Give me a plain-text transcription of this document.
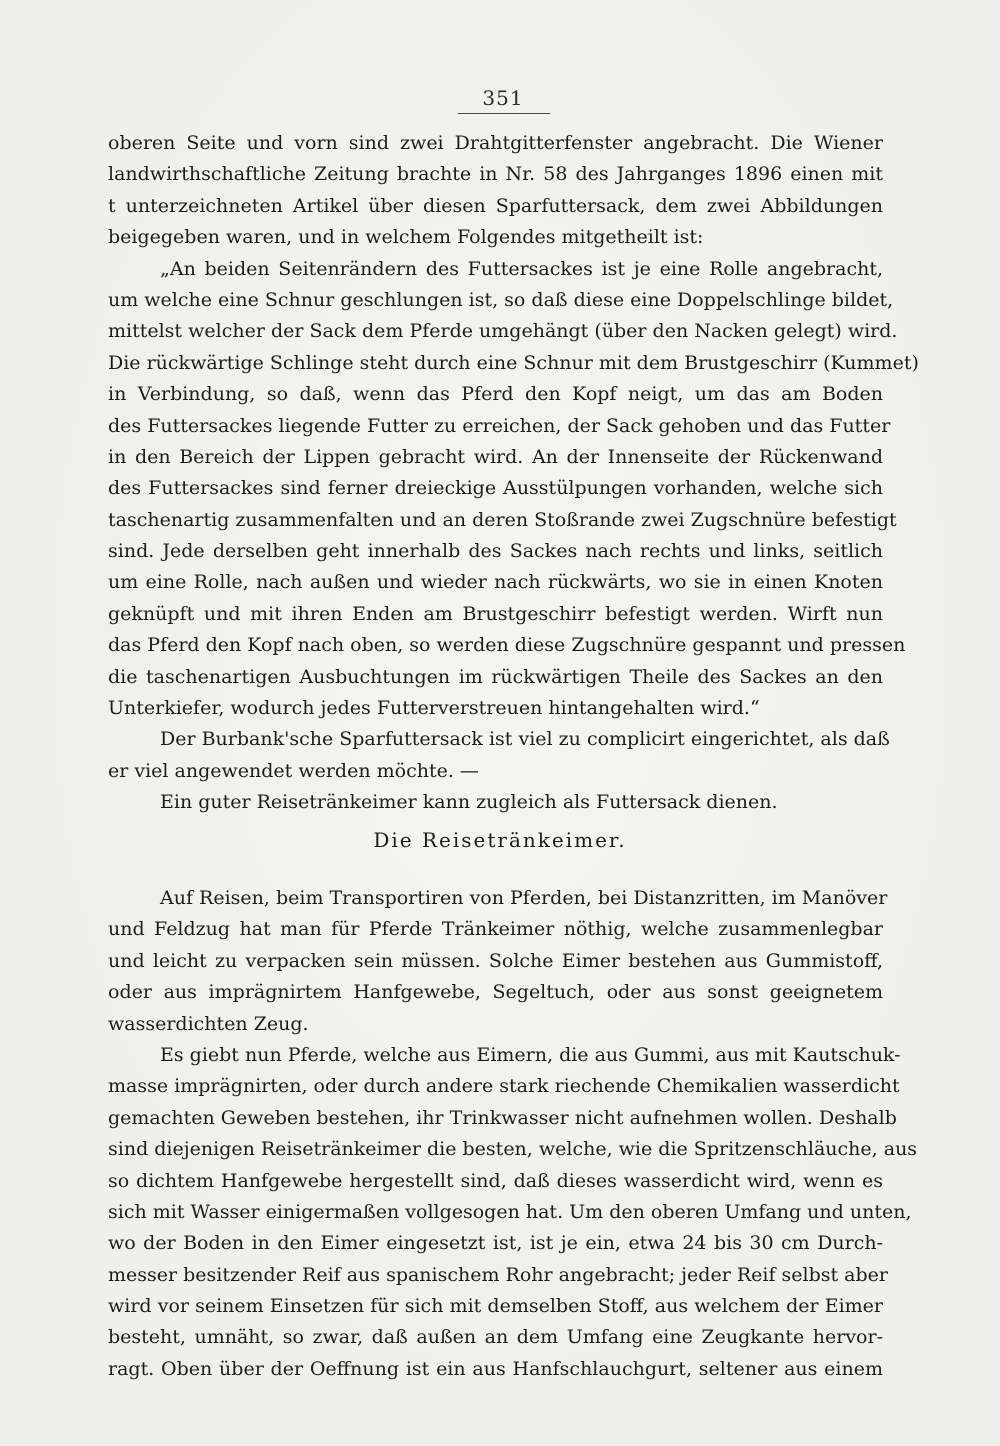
351
oberen Seite und vorn sind zwei Drahtgitterfenster angebracht. Die Wiener
landwirthschaftliche Zeitung brachte in Nr. 58 des Jahrganges 1896 einen mit
t unterzeichneten Artikel über diesen Sparfuttersack, dem zwei Abbildungen
beigegeben waren, und in welchem Folgendes mitgetheilt ist:
„An beiden Seitenrändern des Futtersackes ist je eine Rolle angebracht,
um welche eine Schnur geschlungen ist, so daß diese eine Doppelschlinge bildet,
mittelst welcher der Sack dem Pferde umgehängt (über den Nacken gelegt) wird.
Die rückwärtige Schlinge steht durch eine Schnur mit dem Brustgeschirr (Kummet)
in Verbindung, so daß, wenn das Pferd den Kopf neigt, um das am Boden
des Futtersackes liegende Futter zu erreichen, der Sack gehoben und das Futter
in den Bereich der Lippen gebracht wird. An der Innenseite der Rückenwand
des Futtersackes sind ferner dreieckige Ausstülpungen vorhanden, welche sich
taschenartig zusammenfalten und an deren Stoßrande zwei Zugschnüre befestigt
sind. Jede derselben geht innerhalb des Sackes nach rechts und links, seitlich
um eine Rolle, nach außen und wieder nach rückwärts, wo sie in einen Knoten
geknüpft und mit ihren Enden am Brustgeschirr befestigt werden. Wirft nun
das Pferd den Kopf nach oben, so werden diese Zugschnüre gespannt und pressen
die taschenartigen Ausbuchtungen im rückwärtigen Theile des Sackes an den
Unterkiefer, wodurch jedes Futterverstreuen hintangehalten wird.“
Der Burbank'sche Sparfuttersack ist viel zu complicirt eingerichtet, als daß
er viel angewendet werden möchte. —
Ein guter Reisetränkeimer kann zugleich als Futtersack dienen.
Die Reisetränkeimer.
Auf Reisen, beim Transportiren von Pferden, bei Distanzritten, im Manöver
und Feldzug hat man für Pferde Tränkeimer nöthig, welche zusammenlegbar
und leicht zu verpacken sein müssen. Solche Eimer bestehen aus Gummistoff,
oder aus imprägnirtem Hanfgewebe, Segeltuch, oder aus sonst geeignetem
wasserdichten Zeug.
Es giebt nun Pferde, welche aus Eimern, die aus Gummi, aus mit Kautschuk-
masse imprägnirten, oder durch andere stark riechende Chemikalien wasserdicht
gemachten Geweben bestehen, ihr Trinkwasser nicht aufnehmen wollen. Deshalb
sind diejenigen Reisetränkeimer die besten, welche, wie die Spritzenschläuche, aus
so dichtem Hanfgewebe hergestellt sind, daß dieses wasserdicht wird, wenn es
sich mit Wasser einigermaßen vollgesogen hat. Um den oberen Umfang und unten,
wo der Boden in den Eimer eingesetzt ist, ist je ein, etwa 24 bis 30 cm Durch-
messer besitzender Reif aus spanischem Rohr angebracht; jeder Reif selbst aber
wird vor seinem Einsetzen für sich mit demselben Stoff, aus welchem der Eimer
besteht, umnäht, so zwar, daß außen an dem Umfang eine Zeugkante hervor-
ragt. Oben über der Oeffnung ist ein aus Hanfschlauchgurt, seltener aus einem
